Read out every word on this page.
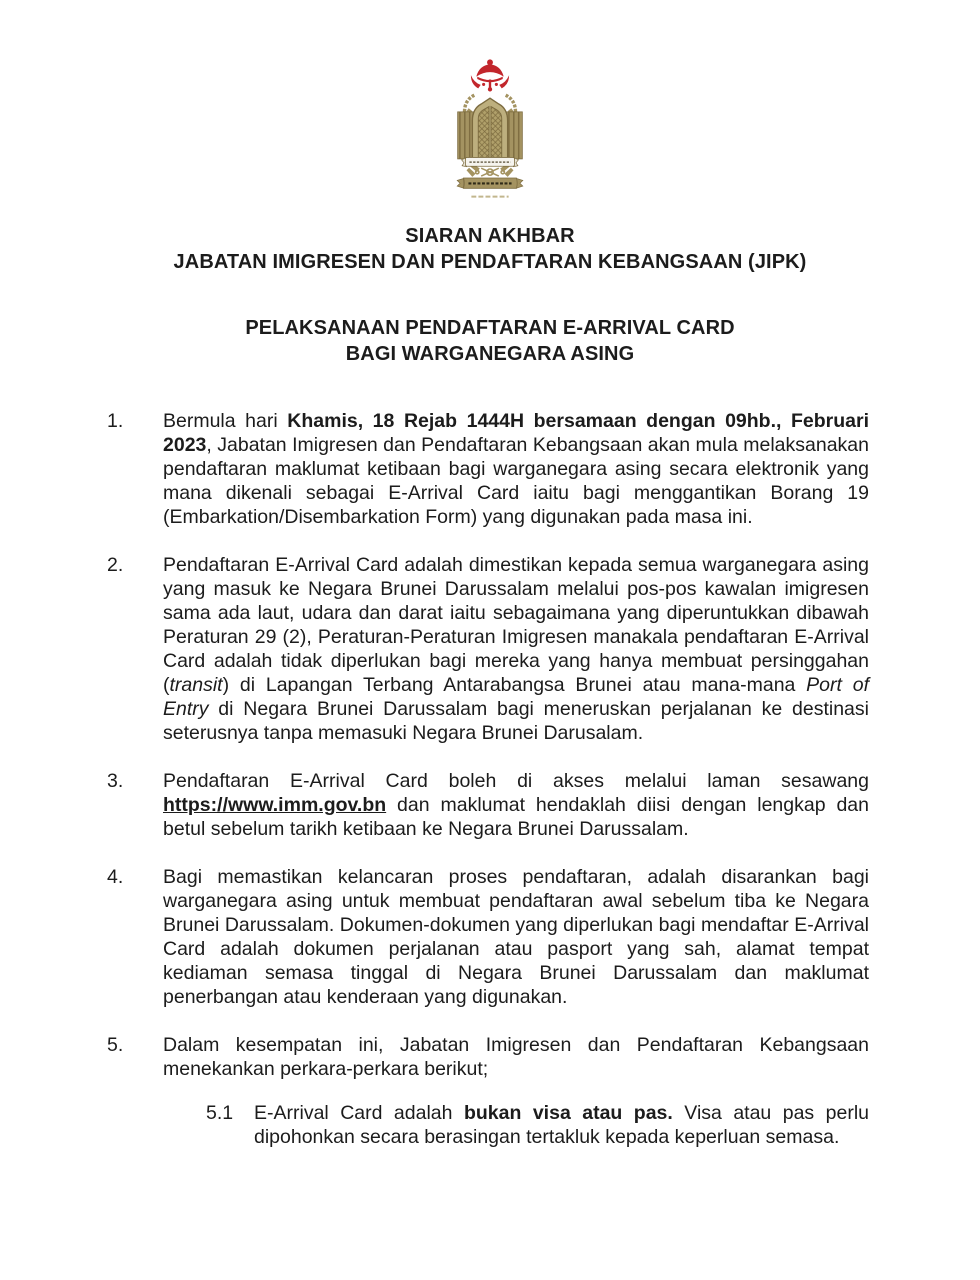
SIARAN AKHBAR
JABATAN IMIGRESEN DAN PENDAFTARAN KEBANGSAAN (JIPK)
PELAKSANAAN PENDAFTARAN E-ARRIVAL CARD
BAGI WARGANEGARA ASING
1.	Bermula hari Khamis, 18 Rejab 1444H bersamaan dengan 09hb., Februari 2023, Jabatan Imigresen dan Pendaftaran Kebangsaan akan mula melaksanakan pendaftaran maklumat ketibaan bagi warganegara asing secara elektronik yang mana dikenali sebagai E-Arrival Card iaitu bagi menggantikan Borang 19 (Embarkation/Disembarkation Form) yang digunakan pada masa ini.
2.	Pendaftaran E-Arrival Card adalah dimestikan kepada semua warganegara asing yang masuk ke Negara Brunei Darussalam melalui pos-pos kawalan imigresen sama ada laut, udara dan darat iaitu sebagaimana yang diperuntukkan dibawah Peraturan 29 (2), Peraturan-Peraturan Imigresen manakala pendaftaran E-Arrival Card adalah tidak diperlukan bagi mereka yang hanya membuat persinggahan (transit) di Lapangan Terbang Antarabangsa Brunei atau mana-mana Port of Entry di Negara Brunei Darussalam bagi meneruskan perjalanan ke destinasi seterusnya tanpa memasuki Negara Brunei Darusalam.
3.	Pendaftaran E-Arrival Card boleh di akses melalui laman sesawang https://www.imm.gov.bn dan maklumat hendaklah diisi dengan lengkap dan betul sebelum tarikh ketibaan ke Negara Brunei Darussalam.
4.	Bagi memastikan kelancaran proses pendaftaran, adalah disarankan bagi warganegara asing untuk membuat pendaftaran awal sebelum tiba ke Negara Brunei Darussalam. Dokumen-dokumen yang diperlukan bagi mendaftar E-Arrival Card adalah dokumen perjalanan atau pasport yang sah, alamat tempat kediaman semasa tinggal di Negara Brunei Darussalam dan maklumat penerbangan atau kenderaan yang digunakan.
5.	Dalam kesempatan ini, Jabatan Imigresen dan Pendaftaran Kebangsaan menekankan perkara-perkara berikut;
5.1	E-Arrival Card adalah bukan visa atau pas. Visa atau pas perlu dipohonkan secara berasingan tertakluk kepada keperluan semasa.
